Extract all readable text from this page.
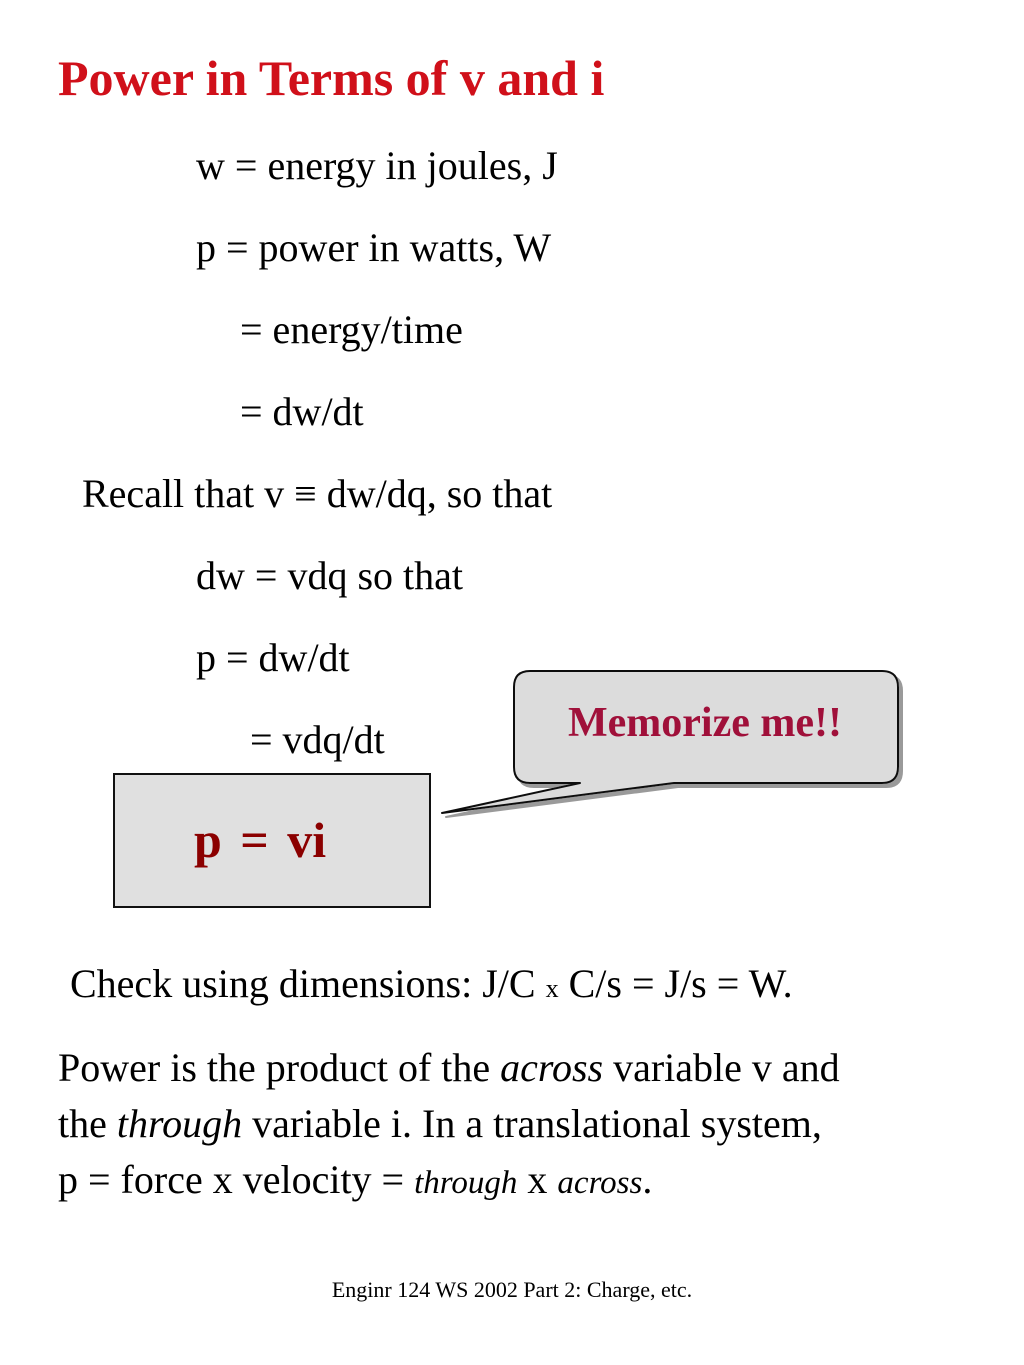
Power in Terms of v and i
w = energy in joules, J
p = power in watts, W
= energy/time
= dw/dt
Recall that v ≡ dw/dq, so that
dw = vdq so that
p = dw/dt
= vdq/dt
p = vi
Memorize me!!
Check using dimensions: J/C x C/s = J/s = W.
Power is the product of the across variable v and
the through variable i. In a translational system,
p = force x velocity = through x across.
Enginr 124 WS 2002 Part 2: Charge, etc.
